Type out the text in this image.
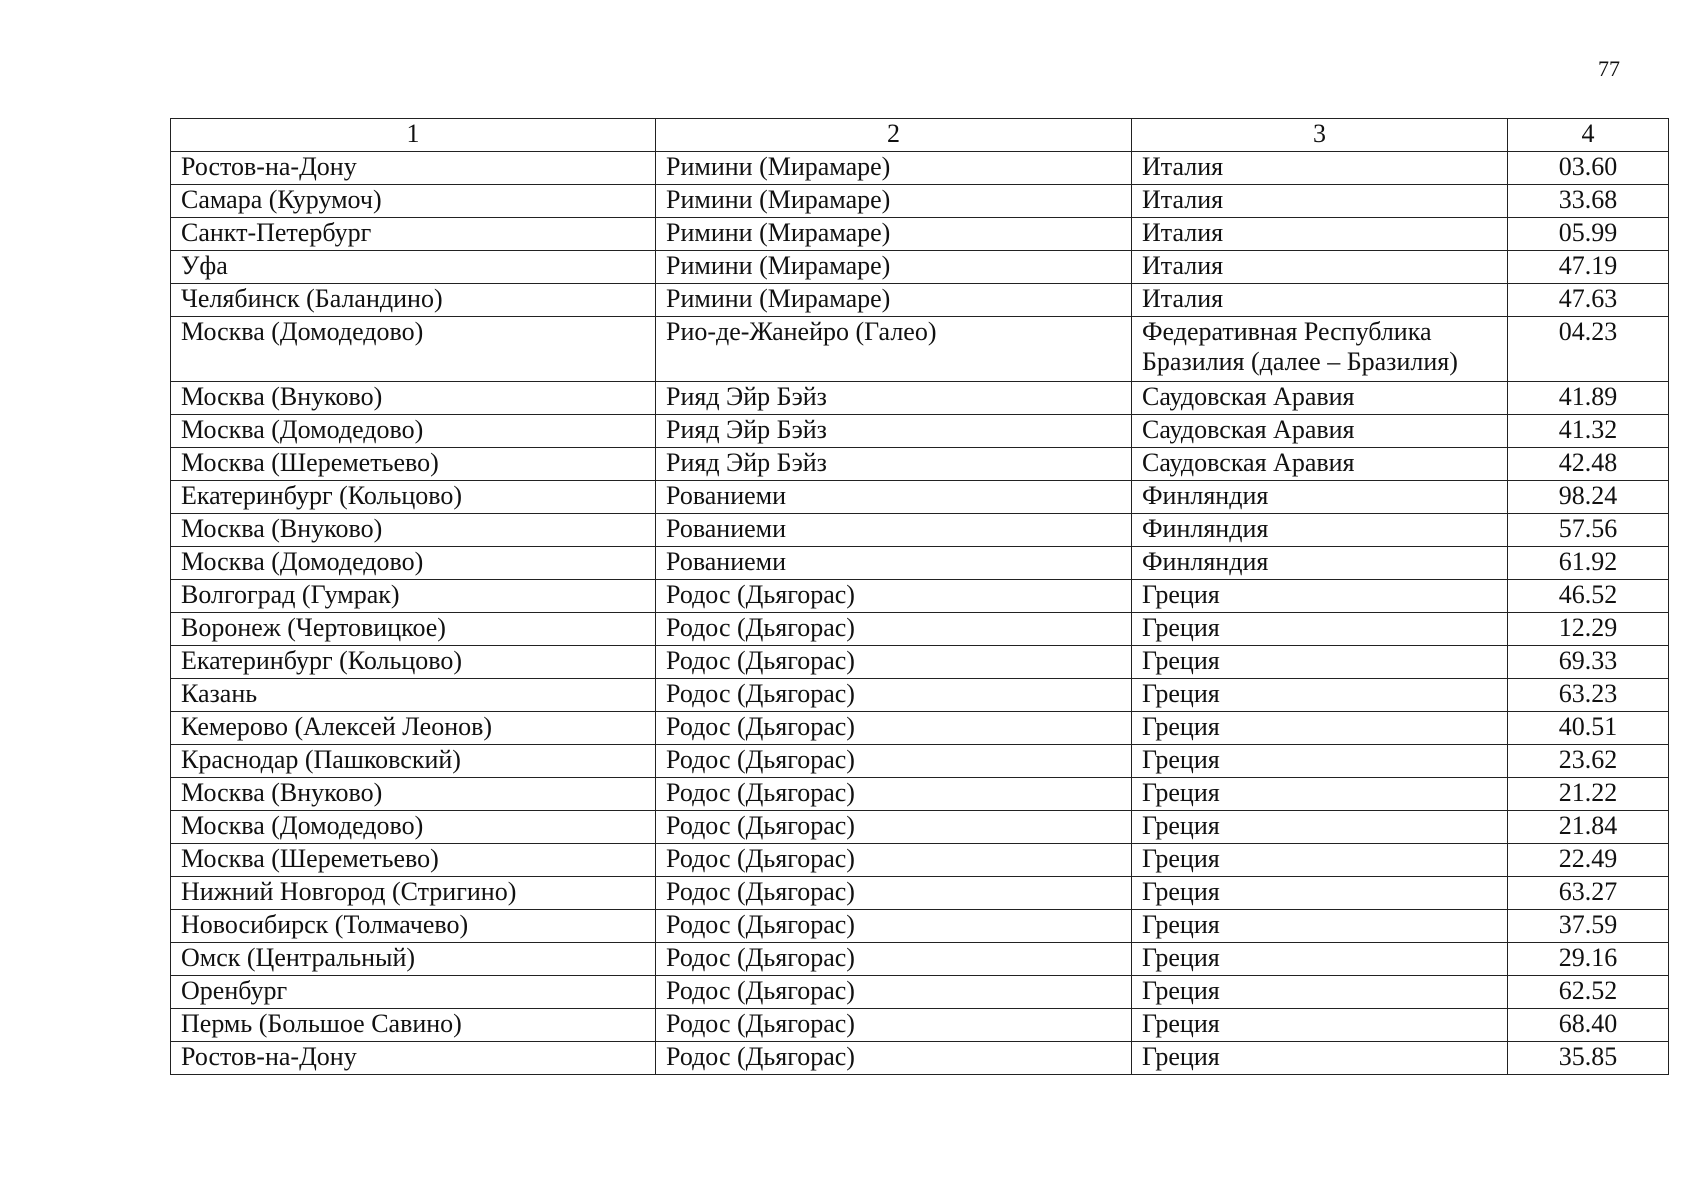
77
1	2	3	4
Ростов-на-Дону	Римини (Мирамаре)	Италия	03.60
Самара (Курумоч)	Римини (Мирамаре)	Италия	33.68
Санкт-Петербург	Римини (Мирамаре)	Италия	05.99
Уфа	Римини (Мирамаре)	Италия	47.19
Челябинск (Баландино)	Римини (Мирамаре)	Италия	47.63
Москва (Домодедово)	Рио-де-Жанейро (Галео)	Федеративная Республика Бразилия (далее – Бразилия)	04.23
Москва (Внуково)	Рияд Эйр Бэйз	Саудовская Аравия	41.89
Москва (Домодедово)	Рияд Эйр Бэйз	Саудовская Аравия	41.32
Москва (Шереметьево)	Рияд Эйр Бэйз	Саудовская Аравия	42.48
Екатеринбург (Кольцово)	Рованиеми	Финляндия	98.24
Москва (Внуково)	Рованиеми	Финляндия	57.56
Москва (Домодедово)	Рованиеми	Финляндия	61.92
Волгоград (Гумрак)	Родос (Дьягорас)	Греция	46.52
Воронеж (Чертовицкое)	Родос (Дьягорас)	Греция	12.29
Екатеринбург (Кольцово)	Родос (Дьягорас)	Греция	69.33
Казань	Родос (Дьягорас)	Греция	63.23
Кемерово (Алексей Леонов)	Родос (Дьягорас)	Греция	40.51
Краснодар (Пашковский)	Родос (Дьягорас)	Греция	23.62
Москва (Внуково)	Родос (Дьягорас)	Греция	21.22
Москва (Домодедово)	Родос (Дьягорас)	Греция	21.84
Москва (Шереметьево)	Родос (Дьягорас)	Греция	22.49
Нижний Новгород (Стригино)	Родос (Дьягорас)	Греция	63.27
Новосибирск (Толмачево)	Родос (Дьягорас)	Греция	37.59
Омск (Центральный)	Родос (Дьягорас)	Греция	29.16
Оренбург	Родос (Дьягорас)	Греция	62.52
Пермь (Большое Савино)	Родос (Дьягорас)	Греция	68.40
Ростов-на-Дону	Родос (Дьягорас)	Греция	35.85
